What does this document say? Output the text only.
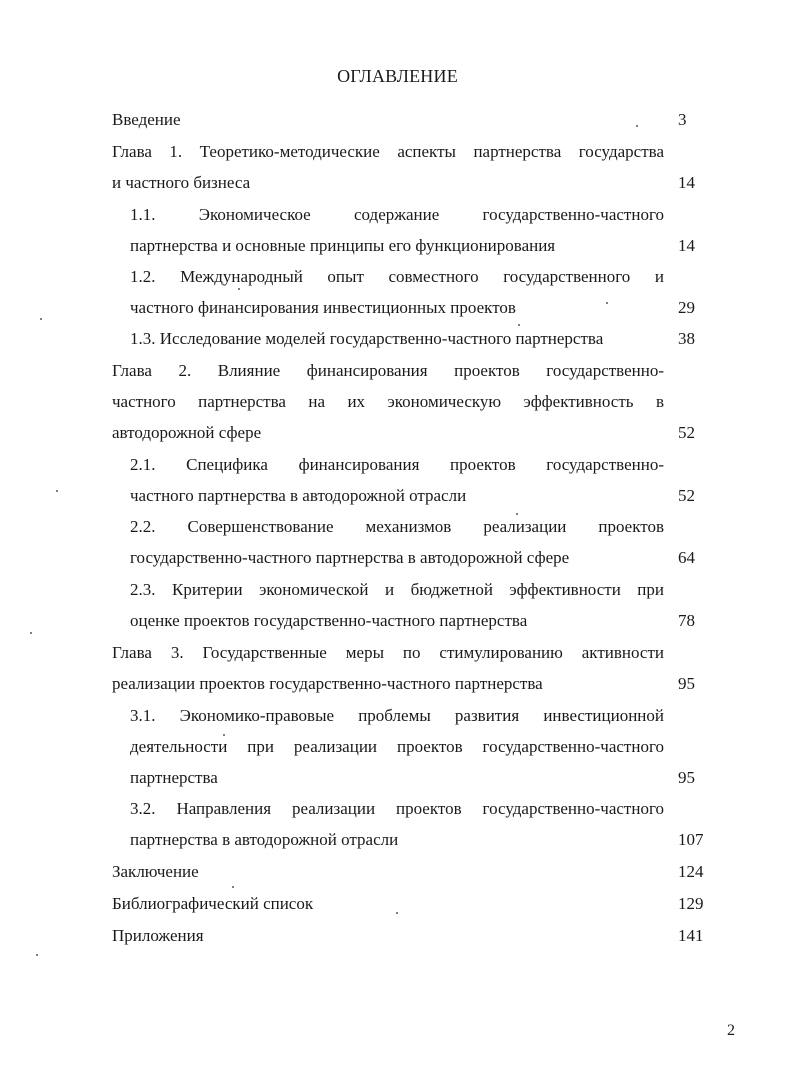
ОГЛАВЛЕНИЕ
Введение	3
Глава 1. Теоретико-методические аспекты партнерства государства
и частного бизнеса	14
1.1. Экономическое содержание государственно-частного
партнерства и основные принципы его функционирования	14
1.2. Международный опыт совместного государственного и
частного финансирования инвестиционных проектов	29
1.3. Исследование моделей государственно-частного партнерства	38
Глава 2. Влияние финансирования проектов государственно-
частного партнерства на их экономическую эффективность в
автодорожной сфере	52
2.1. Специфика финансирования проектов государственно-
частного партнерства в автодорожной отрасли	52
2.2. Совершенствование механизмов реализации проектов
государственно-частного партнерства в автодорожной сфере	64
2.3. Критерии экономической и бюджетной эффективности при
оценке проектов государственно-частного партнерства	78
Глава 3. Государственные меры по стимулированию активности
реализации проектов государственно-частного партнерства	95
3.1. Экономико-правовые проблемы развития инвестиционной
деятельности при реализации проектов государственно-частного
партнерства	95
3.2. Направления реализации проектов государственно-частного
партнерства в автодорожной отрасли	107
Заключение	124
Библиографический список	129
Приложения	141
2
